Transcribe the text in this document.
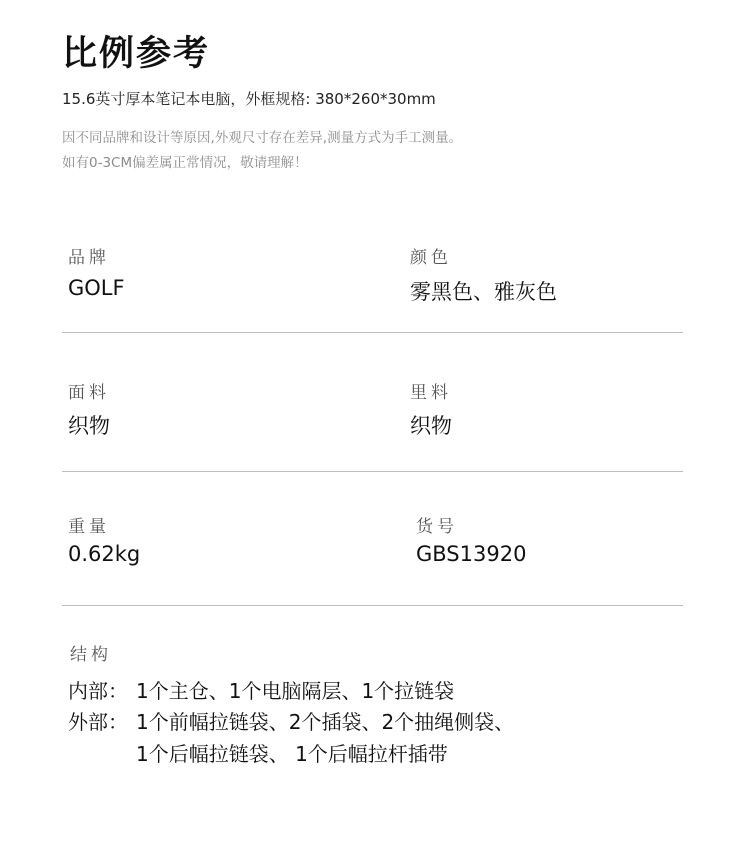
比例参考
15.6英寸厚本笔记本电脑，外框规格: 380*260*30mm
因不同品牌和设计等原因,外观尺寸存在差异,测量方式为手工测量。
如有0-3CM偏差属正常情况，敬请理解！
品牌
GOLF
颜色
雾黑色、雅灰色
面料
织物
里料
织物
重量
0.62kg
货号
GBS13920
结构
内部： 1个主仓、1个电脑隔层、1个拉链袋
外部： 1个前幅拉链袋、2个插袋、2个抽绳侧袋、
1个后幅拉链袋、 1个后幅拉杆插带
